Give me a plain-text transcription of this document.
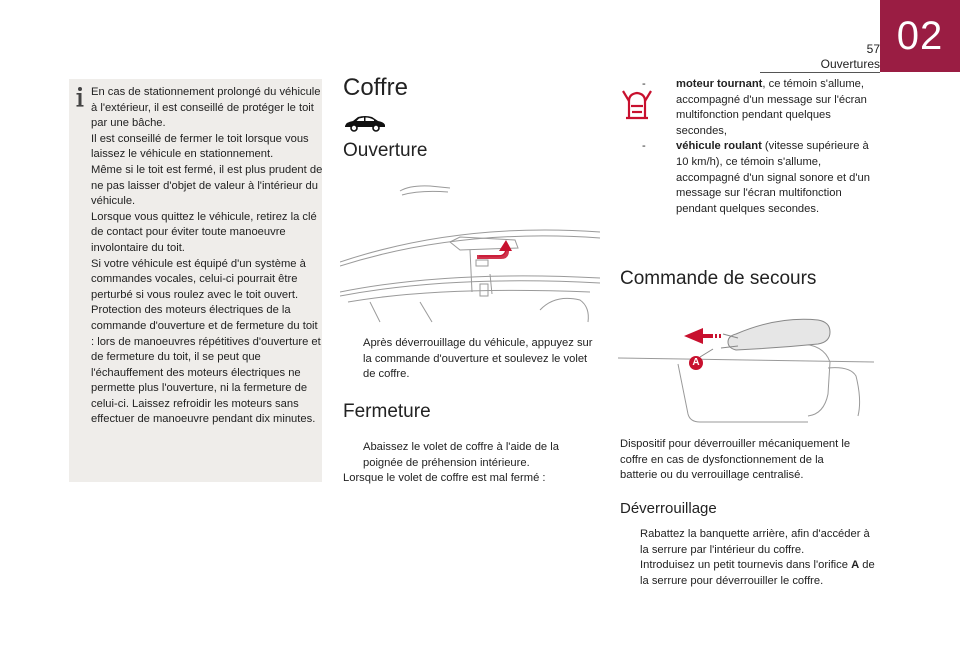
02
57
Ouvertures

En cas de stationnement prolongé du véhicule à l'extérieur, il est conseillé de protéger le toit par une bâche.

Il est conseillé de fermer le toit lorsque vous laissez le véhicule en stationnement.

Même si le toit est fermé, il est plus prudent de ne pas laisser d'objet de valeur à l'intérieur du véhicule.

Lorsque vous quittez le véhicule, retirez la clé de contact pour éviter toute manoeuvre involontaire du toit.

Si votre véhicule est équipé d'un système à commandes vocales, celui-ci pourrait être perturbé si vous roulez avec le toit ouvert.

Protection des moteurs électriques de la commande d'ouverture et de fermeture du toit : lors de manoeuvres répétitives d'ouverture et de fermeture du toit, il se peut que l'échauffement des moteurs électriques ne permette plus l'ouverture, ni la fermeture de celui-ci. Laissez refroidir les moteurs sans effectuer de manoeuvre pendant dix minutes.

Coffre
Ouverture
Après déverrouillage du véhicule, appuyez sur la commande d'ouverture et soulevez le volet de coffre.
Fermeture
Abaissez le volet de coffre à l'aide de la poignée de préhension intérieure.
Lorsque le volet de coffre est mal fermé :
-	moteur tournant, ce témoin s'allume, accompagné d'un message sur l'écran multifonction pendant quelques secondes,
-	véhicule roulant (vitesse supérieure à 10 km/h), ce témoin s'allume, accompagné d'un signal sonore et d'un message sur l'écran multifonction pendant quelques secondes.
Commande de secours
A
Dispositif pour déverrouiller mécaniquement le coffre en cas de dysfonctionnement de la batterie ou du verrouillage centralisé.
Déverrouillage
Rabattez la banquette arrière, afin d'accéder à la serrure par l'intérieur du coffre.
Introduisez un petit tournevis dans l'orifice A de la serrure pour déverrouiller le coffre.
